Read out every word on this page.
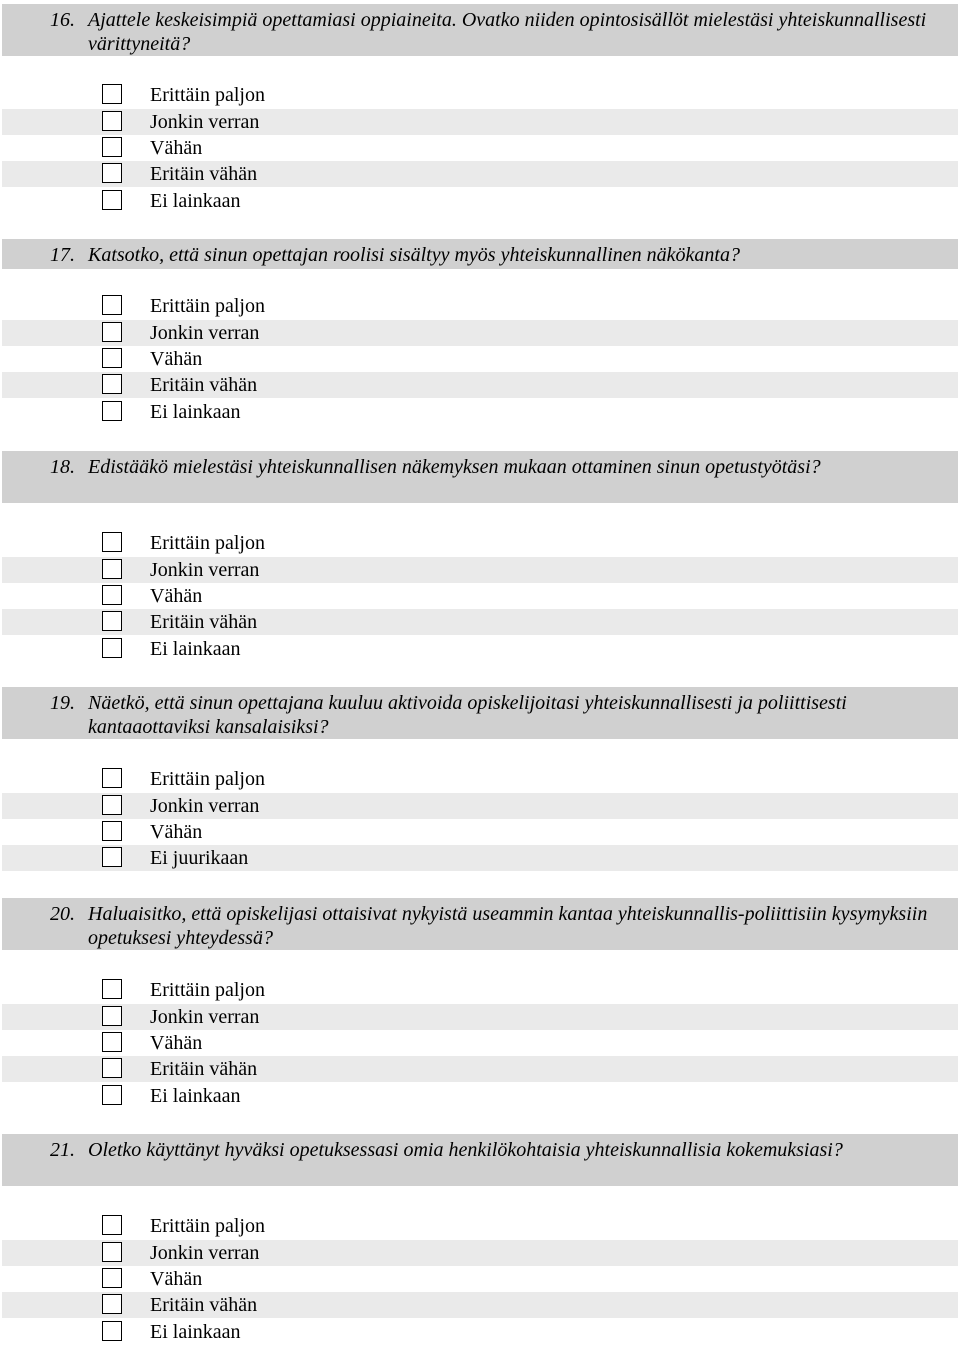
16. Ajattele keskeisimpiä opettamiasi oppiaineita. Ovatko niiden opintosisällöt mielestäsi yhteiskunnallisesti värittyneitä?
Erittäin paljon
Jonkin verran
Vähän
Eritäin vähän
Ei lainkaan
17. Katsotko, että sinun opettajan roolisi sisältyy myös yhteiskunnallinen näkökanta?
Erittäin paljon
Jonkin verran
Vähän
Eritäin vähän
Ei lainkaan
18. Edistääkö mielestäsi yhteiskunnallisen näkemyksen mukaan ottaminen sinun opetustyötäsi?
Erittäin paljon
Jonkin verran
Vähän
Eritäin vähän
Ei lainkaan
19. Näetkö, että sinun opettajana kuuluu aktivoida opiskelijoitasi yhteiskunnallisesti ja poliittisesti kantaaottaviksi kansalaisiksi?
Erittäin paljon
Jonkin verran
Vähän
Ei juurikaan
20. Haluaisitko, että opiskelijasi ottaisivat nykyistä useammin kantaa yhteiskunnallis-poliittisiin kysymyksiin opetuksesi yhteydessä?
Erittäin paljon
Jonkin verran
Vähän
Eritäin vähän
Ei lainkaan
21. Oletko käyttänyt hyväksi opetuksessasi omia henkilökohtaisia yhteiskunnallisia kokemuksiasi?
Erittäin paljon
Jonkin verran
Vähän
Eritäin vähän
Ei lainkaan
